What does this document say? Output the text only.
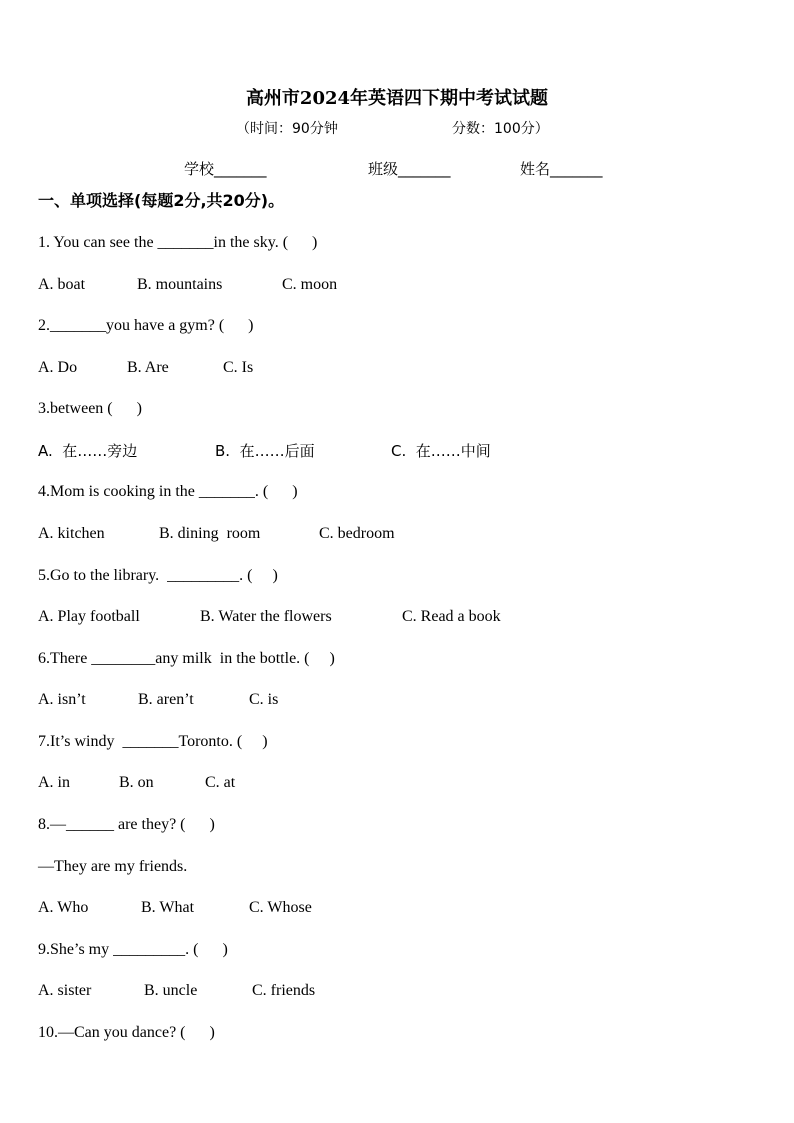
高州市2024年英语四下期中考试试题
（时间：90分钟	分数：100分）
学校_______	班级_______	姓名_______
一、单项选择(每题2分,共20分)。
1. You can see the _______in the sky. (      )
A. boat	B. mountains	C. moon
2._______you have a gym? (      )
A. Do	B. Are	C. Is
3.between (      )
A.  在……旁边	B.  在……后面	C.  在……中间
4.Mom is cooking in the _______. (      )
A. kitchen	B. dining  room	C. bedroom
5.Go to the library.  _________. (     )
A. Play football	B. Water the flowers	C. Read a book
6.There ________any milk  in the bottle. (     )
A. isn’t	B. aren’t	C. is
7.It’s windy  _______Toronto. (     )
A. in	B. on	C. at
8.—______ are they? (      )
—They are my friends.
A. Who	B. What	C. Whose
9.She’s my _________. (      )
A. sister	B. uncle	C. friends
10.—Can you dance? (      )
